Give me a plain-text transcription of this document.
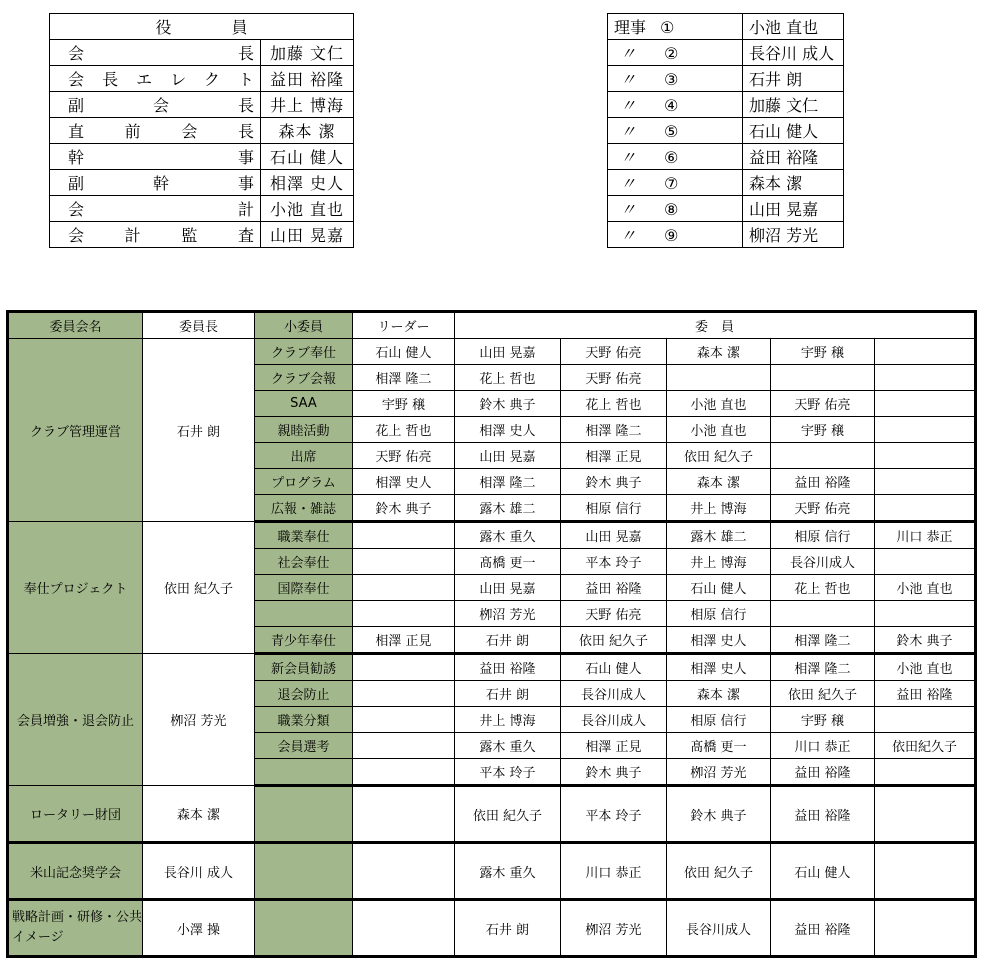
役員	
会長	加藤 文仁
会長エレクト	益田 裕隆
副会長	井上 博海
直前会長	森本 潔
幹事	石山 健人
副幹事	相澤 史人
会計	小池 直也
会計監査	山田 晃嘉
理事 ①	小池 直也
〃 ②	長谷川 成人
〃 ③	石井 朗
〃 ④	加藤 文仁
〃 ⑤	石山 健人
〃 ⑥	益田 裕隆
〃 ⑦	森本 潔
〃 ⑧	山田 晃嘉
〃 ⑨	柳沼 芳光
委員会名	委員長	小委員	リーダー	委　員				
クラブ管理運営	石井 朗	クラブ奉仕	石山 健人	山田 晃嘉	天野 佑亮	森本 潔	宇野 穣	
		クラブ会報	相澤 隆二	花上 哲也	天野 佑亮			
		SAA	宇野 穣	鈴木 典子	花上 哲也	小池 直也	天野 佑亮	
		親睦活動	花上 哲也	相澤 史人	相澤 隆二	小池 直也	宇野 穣	
		出席	天野 佑亮	山田 晃嘉	相澤 正見	依田 紀久子		
		プログラム	相澤 史人	相澤 隆二	鈴木 典子	森本 潔	益田 裕隆	
		広報・雑誌	鈴木 典子	露木 雄二	相原 信行	井上 博海	天野 佑亮	
奉仕プロジェクト	依田 紀久子	職業奉仕		露木 重久	山田 晃嘉	露木 雄二	相原 信行	川口 恭正
		社会奉仕		髙橋 更一	平本 玲子	井上 博海	長谷川成人	
		国際奉仕		山田 晃嘉	益田 裕隆	石山 健人	花上 哲也	小池 直也
				栁沼 芳光	天野 佑亮	相原 信行		
		青少年奉仕	相澤 正見	石井 朗	依田 紀久子	相澤 史人	相澤 隆二	鈴木 典子
会員増強・退会防止	栁沼 芳光	新会員勧誘		益田 裕隆	石山 健人	相澤 史人	相澤 隆二	小池 直也
		退会防止		石井 朗	長谷川成人	森本 潔	依田 紀久子	益田 裕隆
		職業分類		井上 博海	長谷川成人	相原 信行	宇野 穣	
		会員選考		露木 重久	相澤 正見	髙橋 更一	川口 恭正	依田紀久子
				平本 玲子	鈴木 典子	栁沼 芳光	益田 裕隆	
ロータリー財団	森本 潔			依田 紀久子	平本 玲子	鈴木 典子	益田 裕隆	
米山記念奨学会	長谷川 成人			露木 重久	川口 恭正	依田 紀久子	石山 健人	
戦略計画・研修・公共イメージ	小澤 操			石井 朗	栁沼 芳光	長谷川成人	益田 裕隆	
